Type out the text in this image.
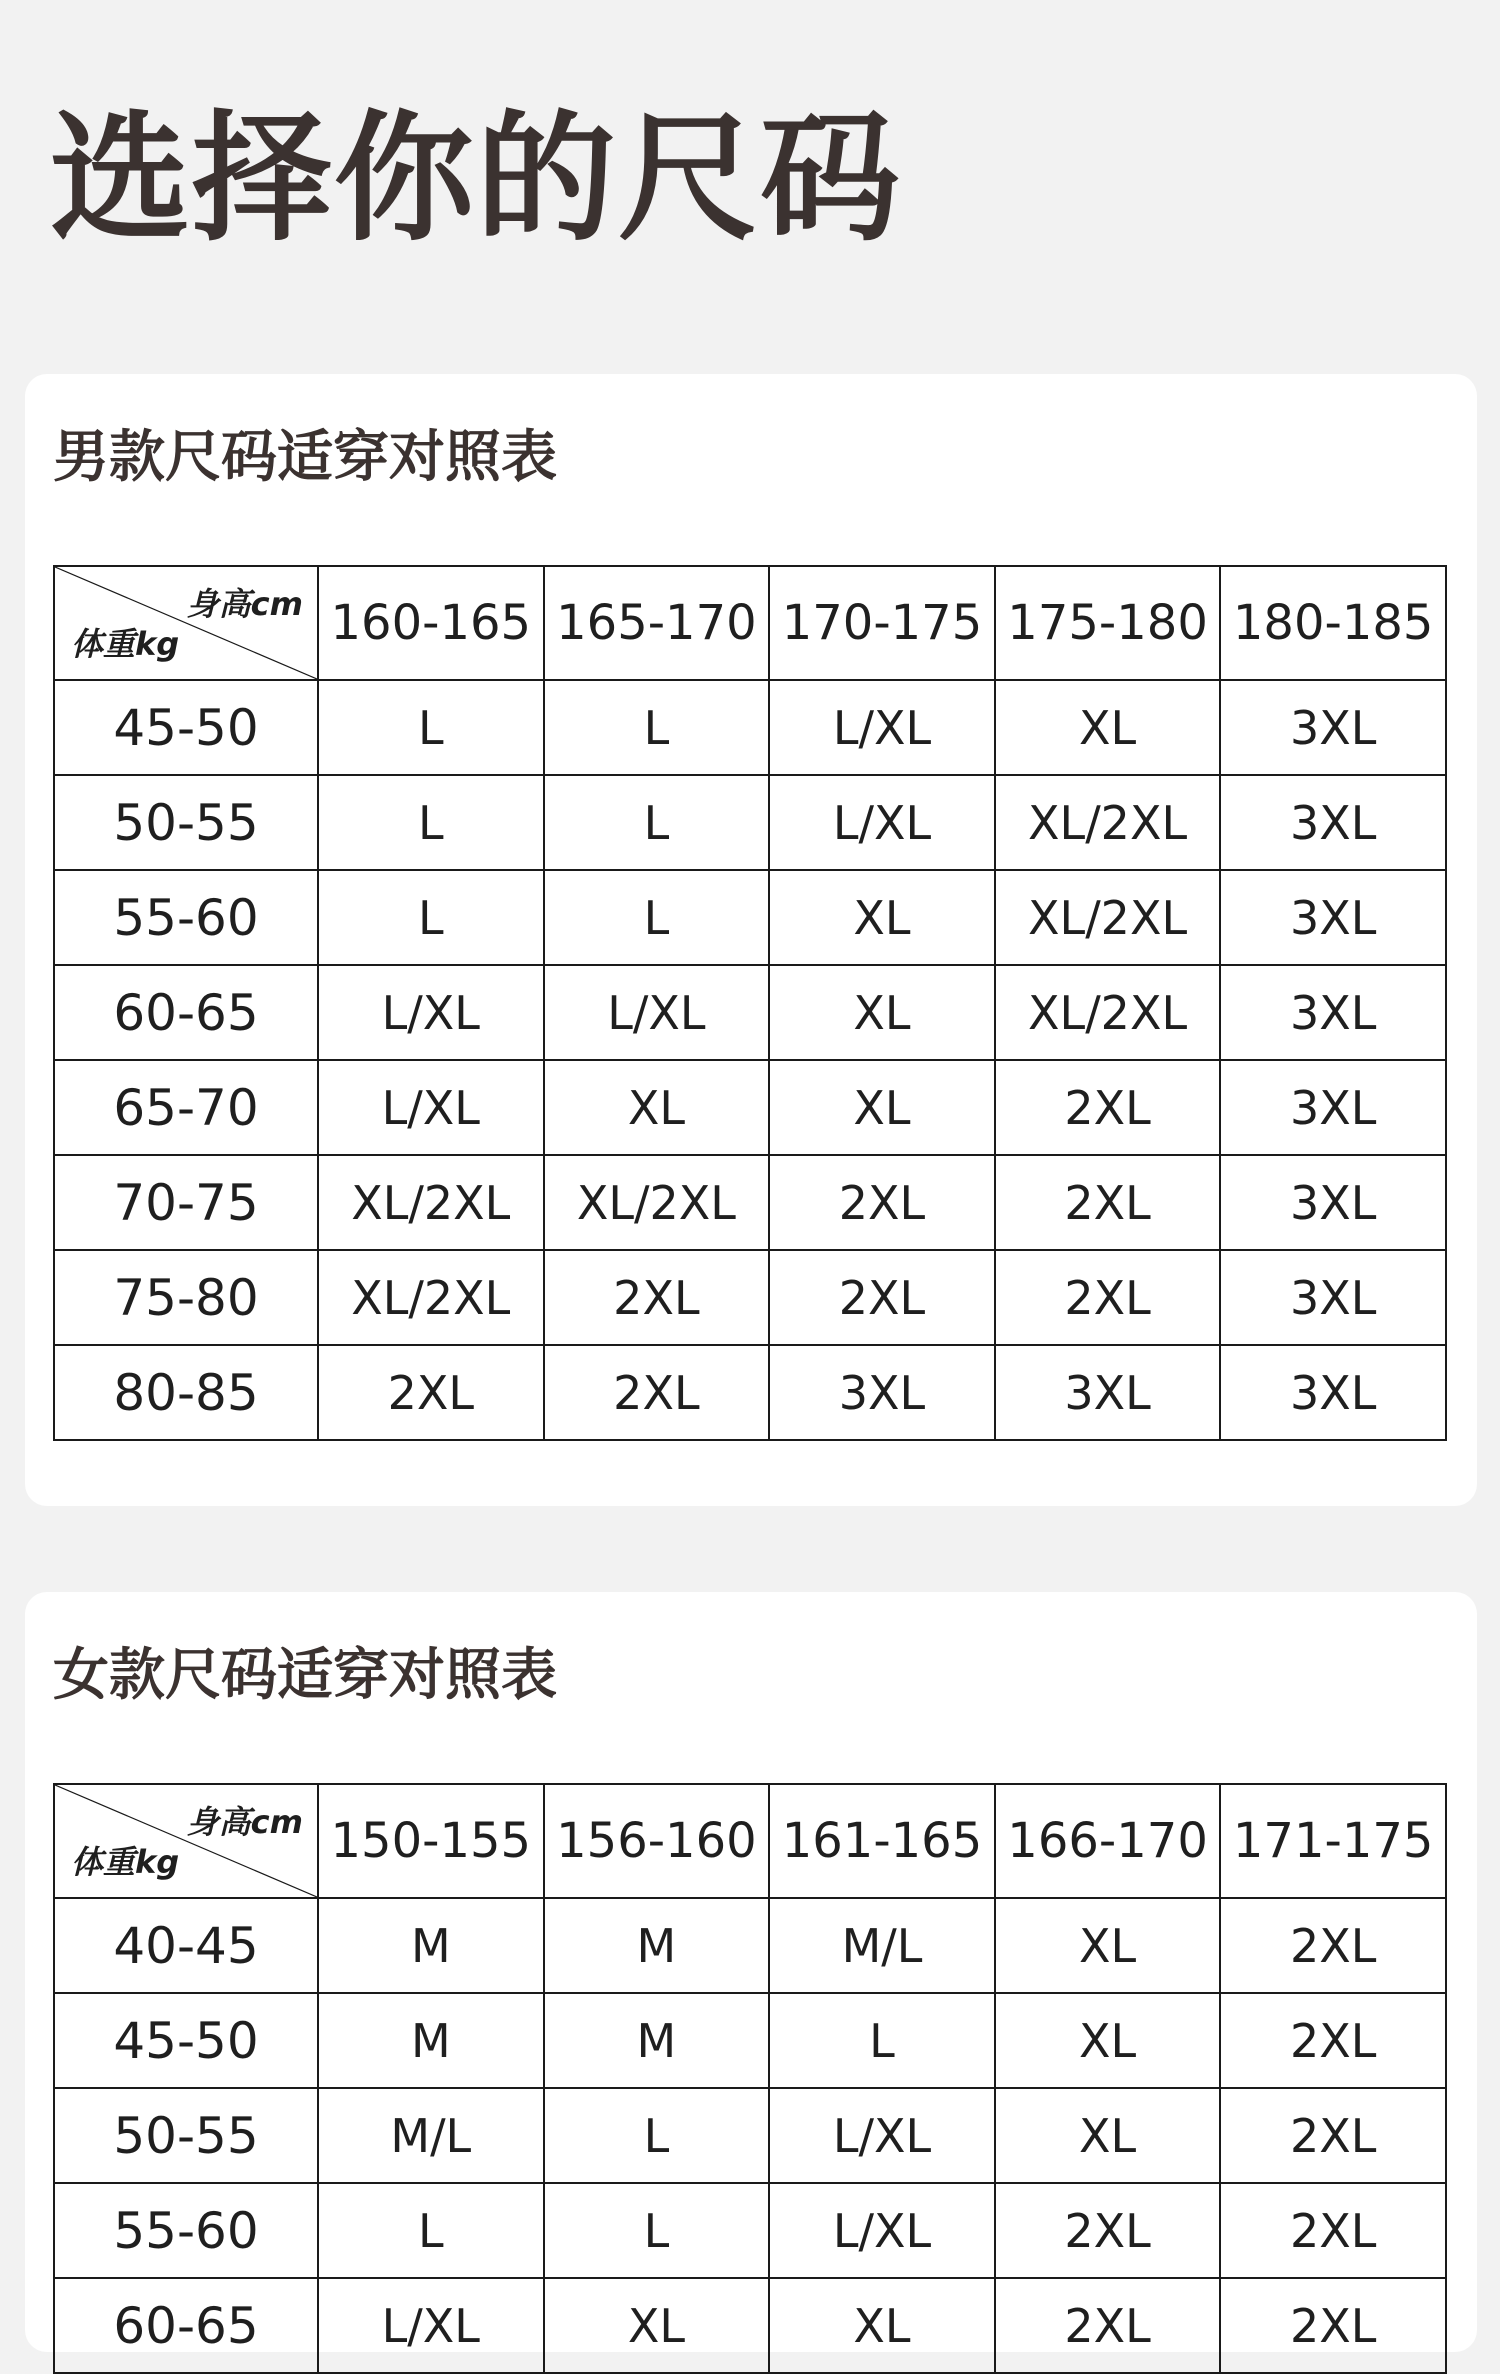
选择你的尺码
男款尺码适穿对照表
身高cm
体重kg	160-165	165-170	170-175	175-180	180-185
45-50	L	L	L/XL	XL	3XL
50-55	L	L	L/XL	XL/2XL	3XL
55-60	L	L	XL	XL/2XL	3XL
60-65	L/XL	L/XL	XL	XL/2XL	3XL
65-70	L/XL	XL	XL	2XL	3XL
70-75	XL/2XL	XL/2XL	2XL	2XL	3XL
75-80	XL/2XL	2XL	2XL	2XL	3XL
80-85	2XL	2XL	3XL	3XL	3XL
女款尺码适穿对照表
身高cm
体重kg	150-155	156-160	161-165	166-170	171-175
40-45	M	M	M/L	XL	2XL
45-50	M	M	L	XL	2XL
50-55	M/L	L	L/XL	XL	2XL
55-60	L	L	L/XL	2XL	2XL
60-65	L/XL	XL	XL	2XL	2XL
